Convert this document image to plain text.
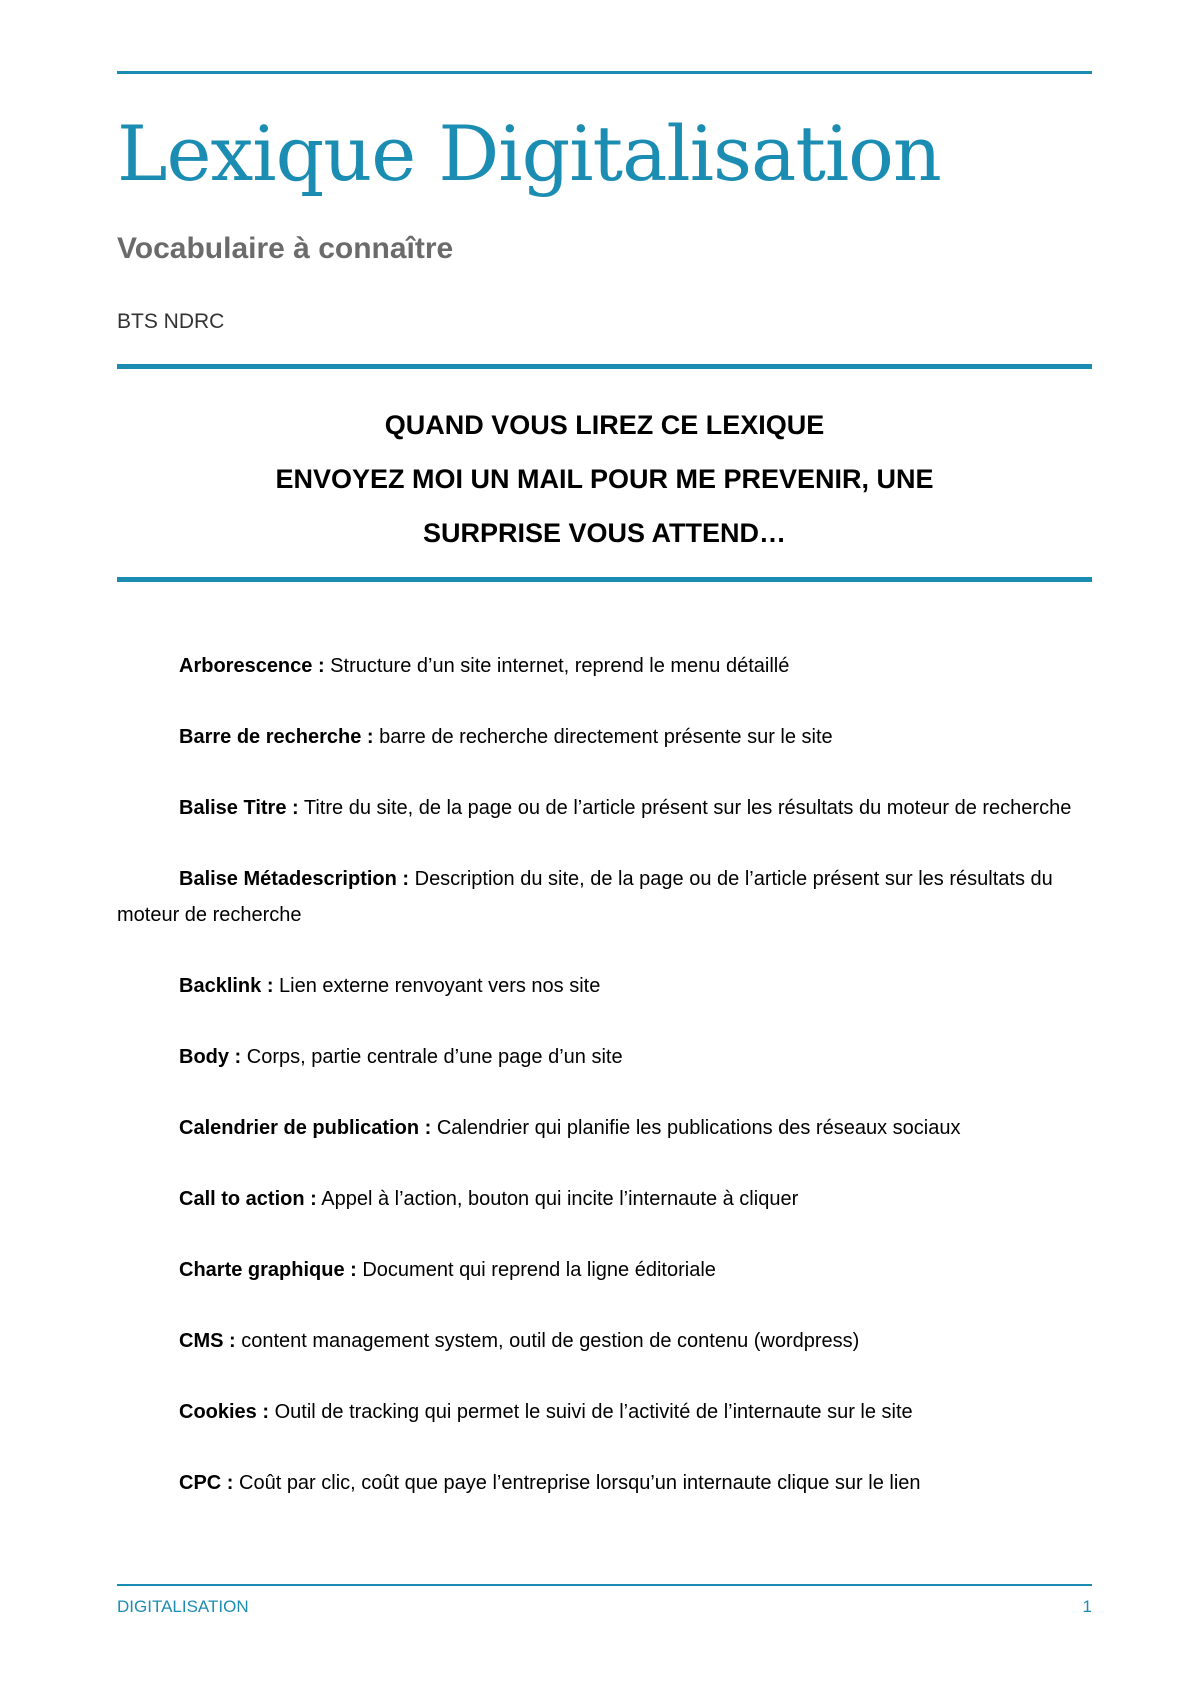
Lexique Digitalisation
Vocabulaire à connaître
BTS NDRC
QUAND VOUS LIREZ CE LEXIQUE
ENVOYEZ MOI UN MAIL POUR ME PREVENIR, UNE
SURPRISE VOUS ATTEND…

Arborescence : Structure d’un site internet, reprend le menu détaillé

Barre de recherche : barre de recherche directement présente sur le site

Balise Titre : Titre du site, de la page ou de l’article présent sur les résultats du moteur de recherche

Balise Métadescription : Description du site, de la page ou de l’article présent sur les résultats du moteur de recherche

Backlink : Lien externe renvoyant vers nos site

Body : Corps, partie centrale d’une page d’un site

Calendrier de publication : Calendrier qui planifie les publications des réseaux sociaux

Call to action : Appel à l’action, bouton qui incite l’internaute à cliquer

Charte graphique : Document qui reprend la ligne éditoriale

CMS : content management system, outil de gestion de contenu (wordpress)

Cookies : Outil de tracking qui permet le suivi de l’activité de l’internaute sur le site

CPC : Coût par clic, coût que paye l’entreprise lorsqu’un internaute clique sur le lien

DIGITALISATION	1
